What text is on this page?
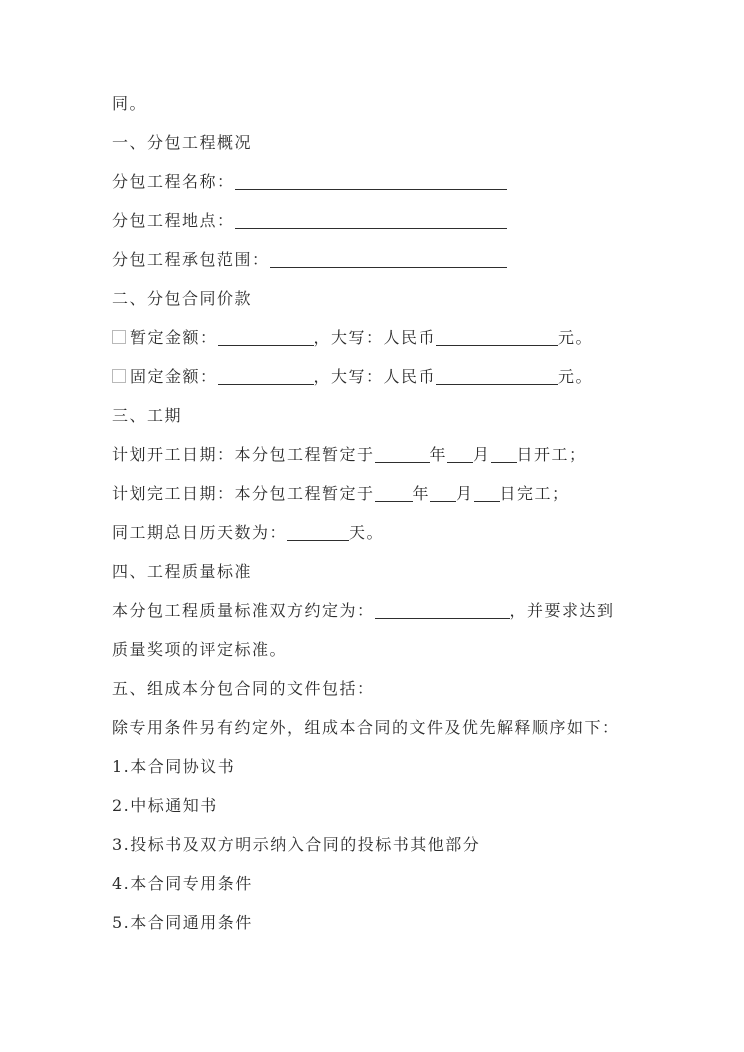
同。

一、分包工程概况

分包工程名称：

分包工程地点：

分包工程承包范围：

二、分包合同价款

暂定金额：	，大写：人民币	元。

固定金额：	，大写：人民币	元。

三、工期

计划开工日期：本分包工程暂定于	年 月 日开工；

计划完工日期：本分包工程暂定于 年 月 日完工；

同工期总日历天数为：	天。

四、工程质量标准

本分包工程质量标准双方约定为：	，并要求达到

质量奖项的评定标准。

五、组成本分包合同的文件包括：

除专用条件另有约定外，组成本合同的文件及优先解释顺序如下：

1.本合同协议书

2.中标通知书

3.投标书及双方明示纳入合同的投标书其他部分

4.本合同专用条件

5.本合同通用条件
